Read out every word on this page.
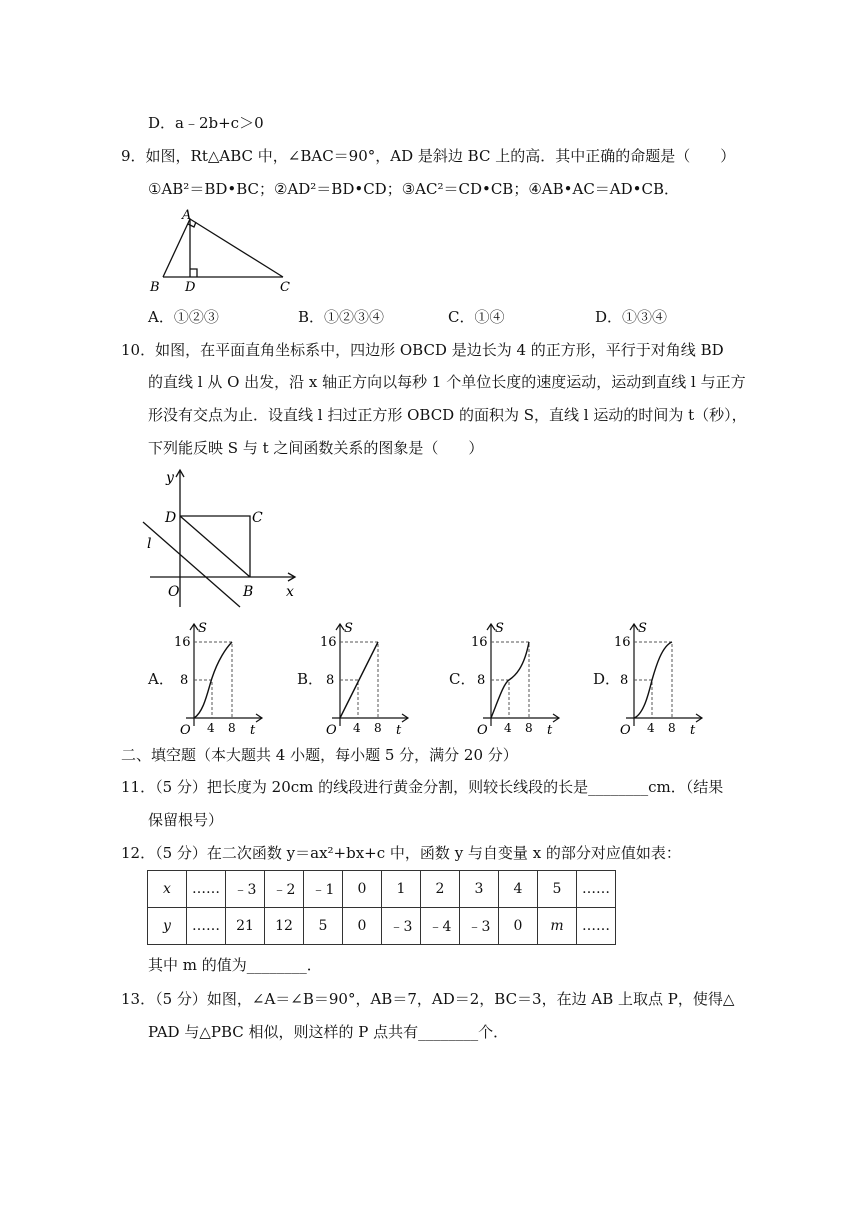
D．a﹣2b+c＞0
9．如图，Rt△ABC 中，∠BAC＝90°，AD 是斜边 BC 上的高．其中正确的命题是（　　）
①AB²＝BD•BC；②AD²＝BD•CD；③AC²＝CD•CB；④AB•AC＝AD•CB．
A
B D	C
A．①②③	B．①②③④	C．①④	D．①③④
10．如图，在平面直角坐标系中，四边形 OBCD 是边长为 4 的正方形，平行于对角线 BD
的直线 l 从 O 出发，沿 x 轴正方向以每秒 1 个单位长度的速度运动，运动到直线 l 与正方
形没有交点为止．设直线 l 扫过正方形 OBCD 的面积为 S，直线 l 运动的时间为 t（秒），
下列能反映 S 与 t 之间函数关系的图象是（　　）
y
x
D	C
l
O	B
A．	B．	C．	D．
S
t
O
16
8
4 8
S
t
O
16
8
4 8
S
t
O
16
8
4 8
S
t
O
16
8
4 8
二、填空题（本大题共 4 小题，每小题 5 分，满分 20 分）
11．（5 分）把长度为 20cm 的线段进行黄金分割，则较长线段的长是________cm．（结果
保留根号）
12．（5 分）在二次函数 y＝ax²+bx+c 中，函数 y 与自变量 x 的部分对应值如表：
x	……	﹣3	﹣2	﹣1	0	1	2	3	4	5	……
y	……	21	12	5	0	﹣3	﹣4	﹣3	0	m	……
其中 m 的值为________．
13．（5 分）如图，∠A＝∠B＝90°，AB＝7，AD＝2，BC＝3，在边 AB 上取点 P，使得△
PAD 与△PBC 相似，则这样的 P 点共有________个．
